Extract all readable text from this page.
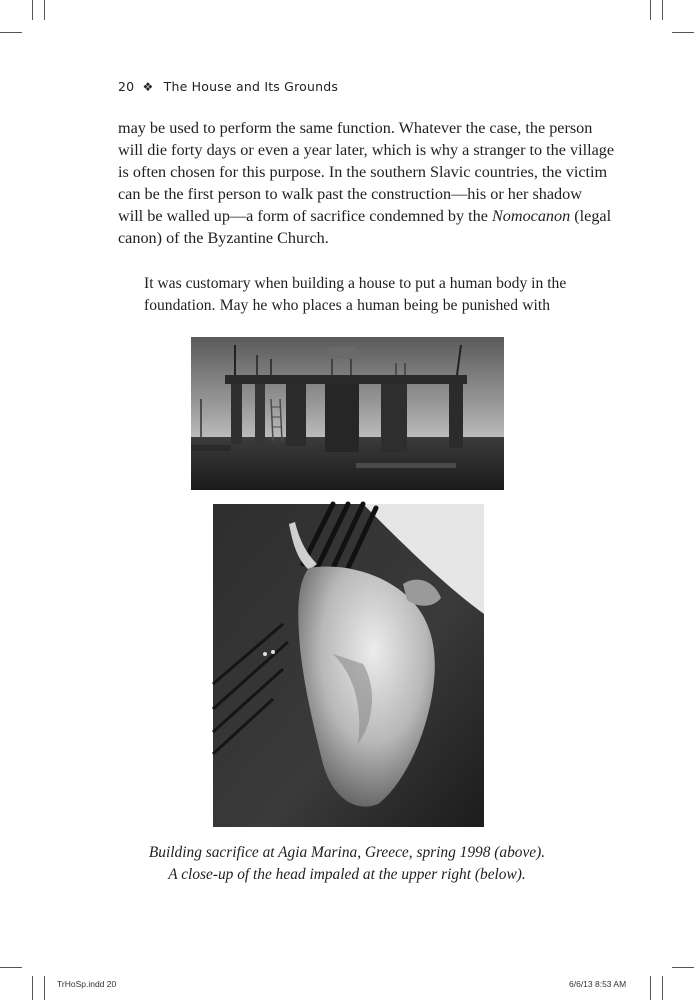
20 ❖ The House and Its Grounds
may be used to perform the same function. Whatever the case, the person
will die forty days or even a year later, which is why a stranger to the village
is often chosen for this purpose. In the southern Slavic countries, the victim
can be the first person to walk past the construction—his or her shadow
will be walled up—a form of sacrifice condemned by the Nomocanon (legal
canon) of the Byzantine Church.
It was customary when building a house to put a human body in the
foundation. May he who places a human being be punished with
Building sacrifice at Agia Marina, Greece, spring 1998 (above).
A close-up of the head impaled at the upper right (below).
TrHoSp.indd 20	6/6/13 8:53 AM
